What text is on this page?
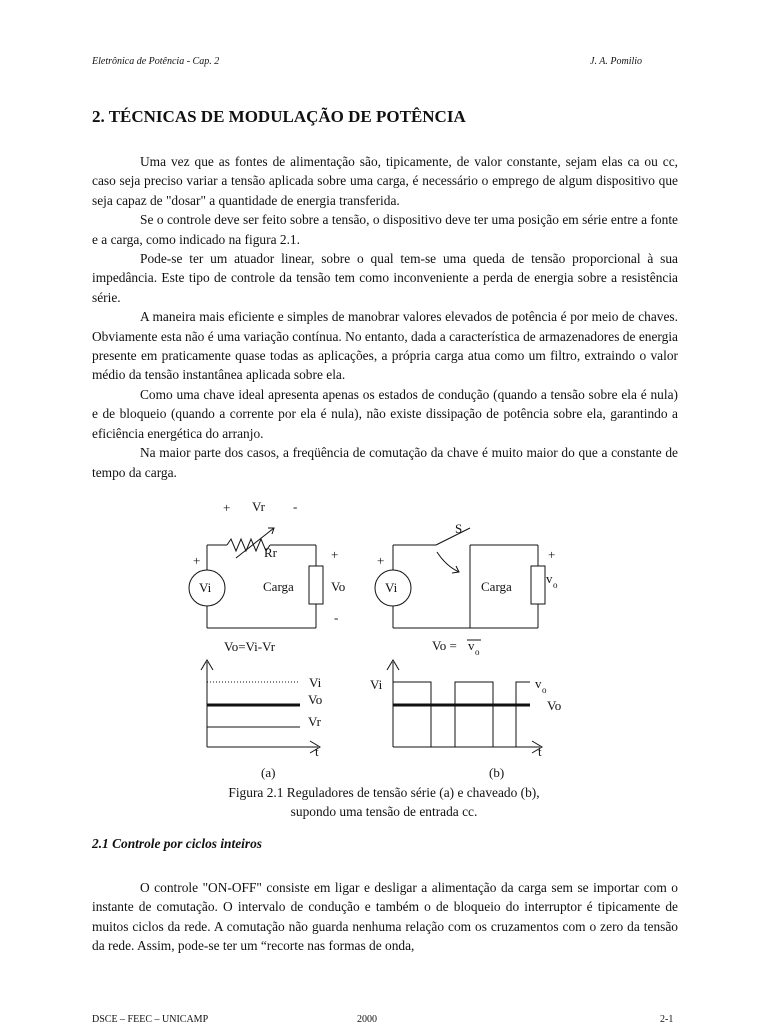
Eletrônica de Potência - Cap. 2	J. A. Pomilio
2. TÉCNICAS DE MODULAÇÃO DE POTÊNCIA

Uma vez que as fontes de alimentação são, tipicamente, de valor constante, sejam elas ca ou cc, caso seja preciso variar a tensão aplicada sobre uma carga, é necessário o emprego de algum dispositivo que seja capaz de "dosar" a quantidade de energia transferida.

Se o controle deve ser feito sobre a tensão, o dispositivo deve ter uma posição em série entre a fonte e a carga, como indicado na figura 2.1.

Pode-se ter um atuador linear, sobre o qual tem-se uma queda de tensão proporcional à sua impedância. Este tipo de controle da tensão tem como inconveniente a perda de energia sobre a resistência série.

A maneira mais eficiente e simples de manobrar valores elevados de potência é por meio de chaves. Obviamente esta não é uma variação contínua. No entanto, dada a característica de armazenadores de energia presente em praticamente quase todas as aplicações, a própria carga atua como um filtro, extraindo o valor médio da tensão instantânea aplicada sobre ela.

Como uma chave ideal apresenta apenas os estados de condução (quando a tensão sobre ela é nula) e de bloqueio (quando a corrente por ela é nula), não existe dissipação de potência sobre ela, garantindo a eficiência energética do arranjo.

Na maior parte dos casos, a freqüência de comutação da chave é muito maior do que a constante de tempo da carga.

+ Vr -
Rr
+
Vi	Carga
+
Vo
-
Vo=Vi-Vr
Vi
Vo
Vr
t
(a)
S
+
Vi	Carga
+
v o
Vo = v o
Vi	v o
Vo
t
(b)
Figura 2.1 Reguladores de tensão série (a) e chaveado (b),
supondo uma tensão de entrada cc.
2.1 Controle por ciclos inteiros

O controle "ON-OFF" consiste em ligar e desligar a alimentação da carga sem se importar com o instante de comutação. O intervalo de condução e também o de bloqueio do interruptor é tipicamente de muitos ciclos da rede. A comutação não guarda nenhuma relação com os cruzamentos com o zero da tensão da rede. Assim, pode-se ter um “recorte nas formas de onda,

DSCE – FEEC – UNICAMP	2000	2-1
